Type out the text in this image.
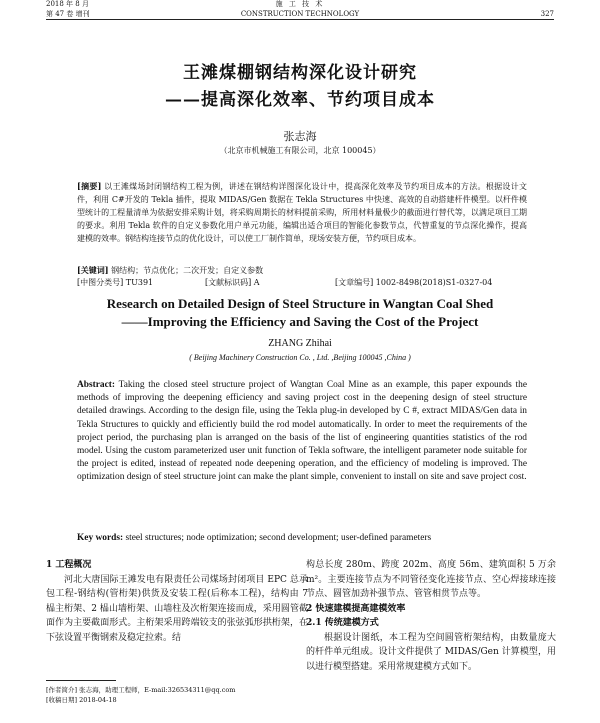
2018 年 8 月	施 工 技 术
第 47 卷 增刊	CONSTRUCTION TECHNOLOGY	327
王滩煤棚钢结构深化设计研究
——提高深化效率、节约项目成本
张志海
（北京市机械施工有限公司，北京 100045）
[摘要] 以王滩煤场封闭钢结构工程为例，讲述在钢结构详图深化设计中，提高深化效率及节约项目成本的方法。根据设计文件，利用 C#开发的 Tekla 插件，提取 MIDAS/Gen 数据在 Tekla Structures 中快速、高效的自动搭建杆件模型。以杆件模型统计的工程量清单为依据安排采购计划，将采购周期长的材料提前采购，所用材料量极少的截面进行替代等，以满足项目工期的要求。利用 Tekla 软件的自定义参数化用户单元功能，编辑出适合项目的智能化参数节点，代替重复的节点深化操作，提高建模的效率。钢结构连接节点的优化设计，可以使工厂制作简单，现场安装方便，节约项目成本。
[关键词] 钢结构；节点优化；二次开发；自定义参数
[中图分类号] TU391	[文献标识码] A	[文章编号] 1002-8498(2018)S1-0327-04
Research on Detailed Design of Steel Structure in Wangtan Coal Shed
——Improving the Efficiency and Saving the Cost of the Project
ZHANG Zhihai
( Beijing Machinery Construction Co. , Ltd. ,Beijing 100045 ,China )
Abstract: Taking the closed steel structure project of Wangtan Coal Mine as an example, this paper expounds the methods of improving the deepening efficiency and saving project cost in the deepening design of steel structure detailed drawings. According to the design file, using the Tekla plug-in developed by C #, extract MIDAS/Gen data in Tekla Structures to quickly and efficiently build the rod model automatically. In order to meet the requirements of the project period, the purchasing plan is arranged on the basis of the list of engineering quantities statistics of the rod model. Using the custom parameterized user unit function of Tekla software, the intelligent parameter node suitable for the project is edited, instead of repeated node deepening operation, and the efficiency of modeling is improved. The optimization design of steel structure joint can make the plant simple, convenient to install on site and save project cost.
Key words: steel structures; node optimization; second development; user-defined parameters
1 工程概况

河北大唐国际王滩发电有限责任公司煤场封闭项目 EPC 总承包工程-钢结构(管桁架)供货及安装工程(后称本工程)，结构由 7 榀主桁架、2 榀山墙桁架、山墙柱及次桁架连接而成，采用圆管截面作为主要截面形式。主桁架采用跨端铰支的张弦弧形拱桁架，在下弦设置平衡钢索及稳定拉索。结

构总长度 280m、跨度 202m、高度 56m、建筑面积 5 万余 m²。主要连接节点为不同管径变化连接节点、空心焊接球连接节点、圆管加劲补强节点、管管相贯节点等。

2 快速建模提高建模效率
2.1 传统建模方式

根据设计图纸，本工程为空间圆管桁架结构，由数量庞大的杆件单元组成。设计文件提供了 MIDAS/Gen 计算模型，用以进行模型搭建。采用常规建模方式如下。

[作者简介] 张志海，助理工程师，E-mail:326534311@qq.com
[收稿日期] 2018-04-18
